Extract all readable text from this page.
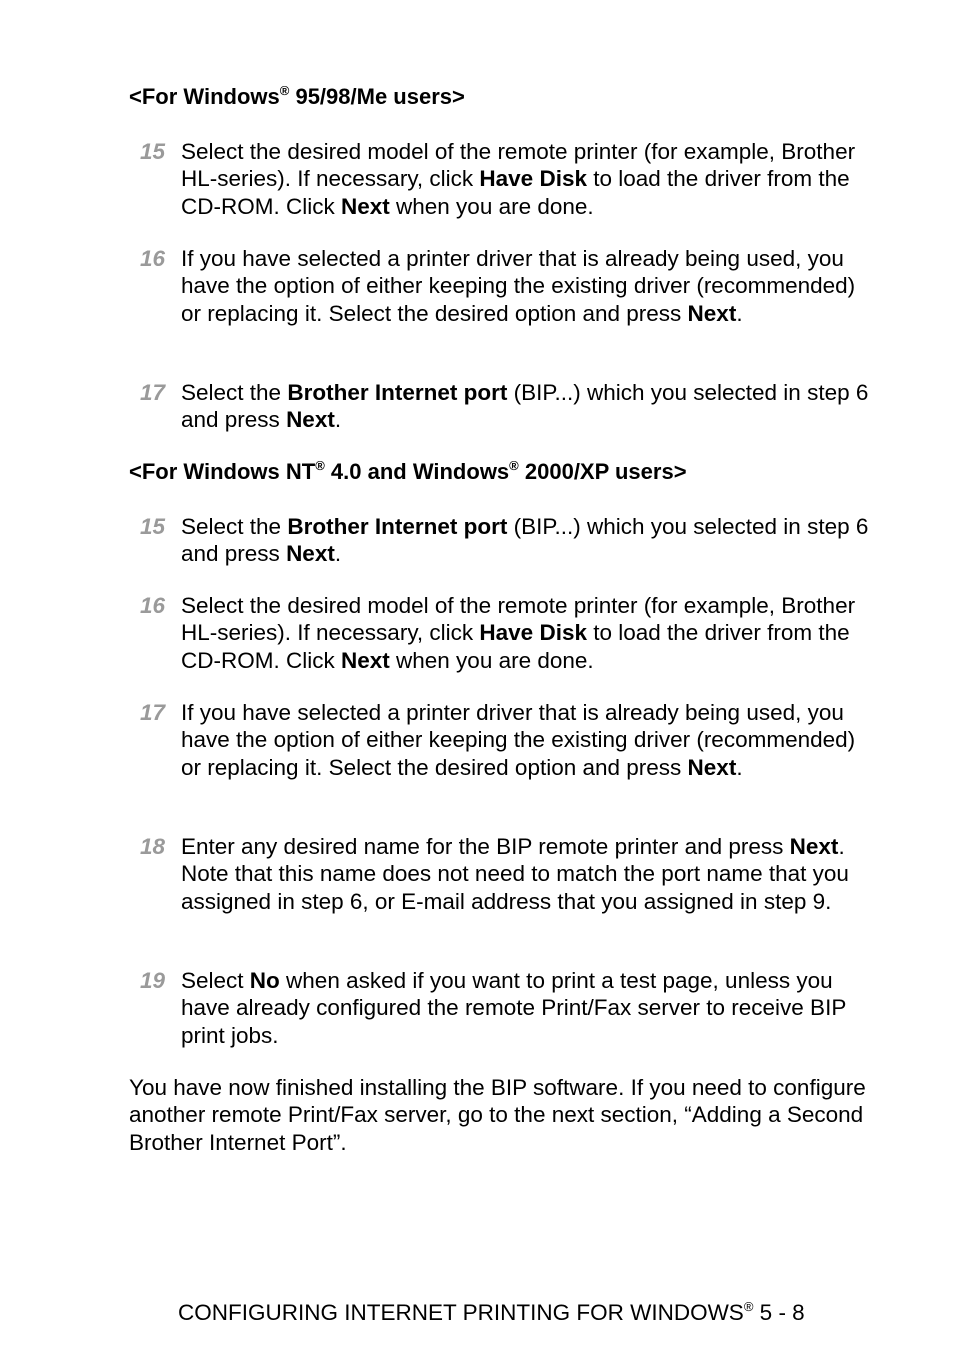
<For Windows® 95/98/Me users>
15 Select the desired model of the remote printer (for example, Brother HL-series). If necessary, click Have Disk to load the driver from the CD-ROM. Click Next when you are done.
16 If you have selected a printer driver that is already being used, you have the option of either keeping the existing driver (recommended) or replacing it. Select the desired option and press Next.
17 Select the Brother Internet port (BIP...) which you selected in step 6 and press Next.
<For Windows NT® 4.0 and Windows® 2000/XP users>
15 Select the Brother Internet port (BIP...) which you selected in step 6 and press Next.
16 Select the desired model of the remote printer (for example, Brother HL-series). If necessary, click Have Disk to load the driver from the CD-ROM. Click Next when you are done.
17 If you have selected a printer driver that is already being used, you have the option of either keeping the existing driver (recommended) or replacing it. Select the desired option and press Next.
18 Enter any desired name for the BIP remote printer and press Next. Note that this name does not need to match the port name that you assigned in step 6, or E-mail address that you assigned in step 9.
19 Select No when asked if you want to print a test page, unless you have already configured the remote Print/Fax server to receive BIP print jobs.
You have now finished installing the BIP software. If you need to configure another remote Print/Fax server, go to the next section, “Adding a Second Brother Internet Port”.
CONFIGURING INTERNET PRINTING FOR WINDOWS® 5 - 8
